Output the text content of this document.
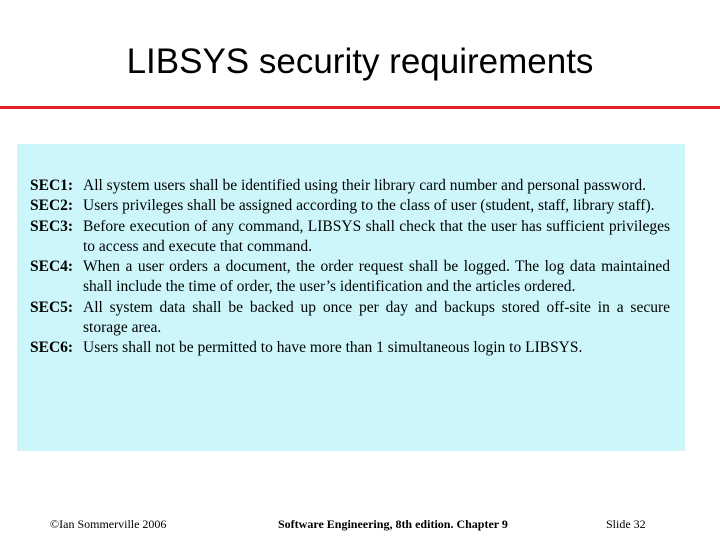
LIBSYS security requirements
SEC1: All system users shall be identified using their library card number and personal password.
SEC2: Users privileges shall be assigned according to the class of user (student, staff, library staff).
SEC3: Before execution of any command, LIBSYS shall check that the user has sufficient privileges to access and execute that command.
SEC4: When a user orders a document, the order request shall be logged. The log data maintained shall include the time of order, the user’s identification and the articles ordered.
SEC5: All system data shall be backed up once per day and backups stored off-site in a secure storage area.
SEC6: Users shall not be permitted to have more than 1 simultaneous login to LIBSYS.
©Ian Sommerville 2006	Software Engineering, 8th edition. Chapter 9	Slide 32
